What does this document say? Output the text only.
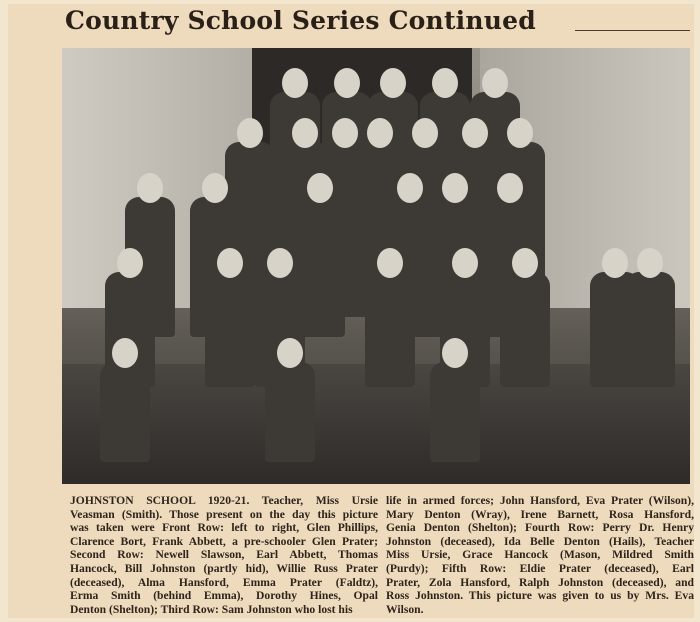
Country School Series Continued
JOHNSTON SCHOOL 1920-21. Teacher, Miss Ursie
Veasman (Smith). Those present on the day this picture
was taken were Front Row: left to right, Glen Phillips,
Clarence Bort, Frank Abbett, a pre-schooler Glen Prater;
Second Row: Newell Slawson, Earl Abbett, Thomas
Hancock, Bill Johnston (partly hid), Willie Russ Prater
(deceased), Alma Hansford, Emma Prater (Faldtz),
Erma Smith (behind Emma), Dorothy Hines, Opal
Denton (Shelton); Third Row: Sam Johnston who lost his
life in armed forces; John Hansford, Eva Prater (Wilson),
Mary Denton (Wray), Irene Barnett, Rosa Hansford,
Genia Denton (Shelton); Fourth Row: Perry Dr. Henry
Johnston (deceased), Ida Belle Denton (Hails), Teacher
Miss Ursie, Grace Hancock (Mason, Mildred Smith
(Purdy); Fifth Row: Eldie Prater (deceased), Earl
Prater, Zola Hansford, Ralph Johnston (deceased), and
Ross Johnston. This picture was given to us by Mrs. Eva
Wilson.
